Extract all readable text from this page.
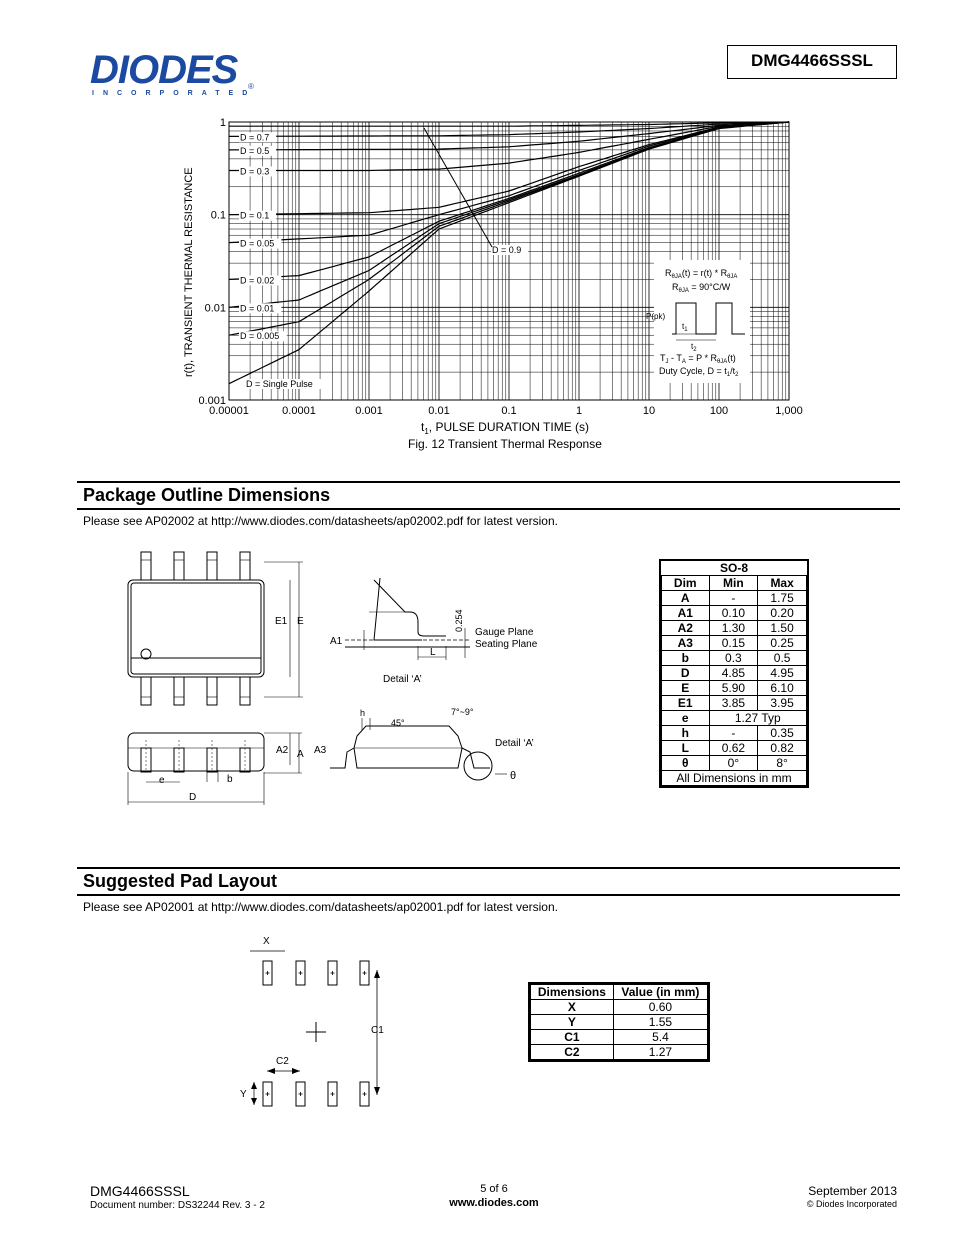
DIODES	®
INCORPORATED
DMG4466SSSL
0.00001	0.0001	0.001	0.01	0.1	1	10	100	1,000
0.001
0.01
0.1
1
D = 0.9
D = 0.7
D = 0.5
D = 0.3
D = 0.1
D = 0.05
D = 0.02
D = 0.01
D = 0.005
D = Single Pulse
r(t), TRANSIENT THERMAL RESISTANCE
$t_1$, PULSE DURATION TIME (s)
Fig. 12 Transient Thermal Response
$R_{\theta JA}(t) = r(t) * R_{\theta JA}$
$R_{\theta JA} = 90^\circ C/W$
P(pk)
$t_1$
$t_2$
$T_J - T_A = P * R_{\theta JA}(t)$
Duty Cycle, $D = t_1/t_2$
Package Outline Dimensions
Please see AP02002 at http://www.diodes.com/datasheets/ap02002.pdf for latest version.
E1 E
L
A1
0.254
Gauge Plane
Seating Plane
Detail ‘A’
D
e	b
A2 A
h
45°
7°~9°
A3
Detail ‘A’
θ
SO-8		
Dim	Min	Max
A	-	1.75
A1	0.10	0.20
A2	1.30	1.50
A3	0.15	0.25
b	0.3	0.5
D	4.85	4.95
E	5.90	6.10
E1	3.85	3.95
e	1.27 Typ	
h	-	0.35
L	0.62	0.82
θ	0°	8°
All Dimensions in mm		
Suggested Pad Layout
Please see AP02001 at http://www.diodes.com/datasheets/ap02001.pdf for latest version.
X
C1
C2
Y
Dimensions	Value (in mm)
X	0.60
Y	1.55
C1	5.4
C2	1.27
DMG4466SSSL
Document number: DS32244 Rev. 3 - 2
5 of 6
www.diodes.com
September 2013
© Diodes Incorporated
